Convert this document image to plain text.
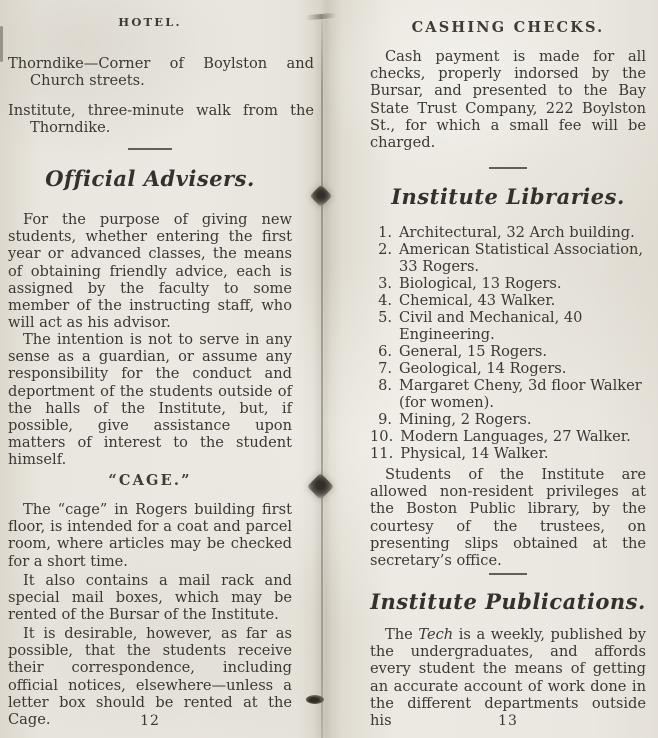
HOTEL.

Thorndike—Corner of Boylston and Church streets.

Institute, three-minute walk from the Thorndike.

Official Advisers.

For the purpose of giving new students, whether entering the first year or advanced classes, the means of obtaining friendly advice, each is assigned by the faculty to some member of the instructing staff, who will act as his advisor.

The intention is not to serve in any sense as a guardian, or assume any responsibility for the conduct and deportment of the students outside of the halls of the Institute, but, if possible, give assistance upon matters of interest to the student himself.

“CAGE.”

The “cage” in Rogers building first floor, is intended for a coat and parcel room, where articles may be checked for a short time.

It also contains a mail rack and special mail boxes, which may be rented of the Bursar of the Institute.

It is desirable, however, as far as possible, that the students receive their correspondence, including official notices, elsewhere—unless a letter box should be rented at the Cage.	12
CASHING CHECKS.

Cash payment is made for all checks, properly indorsed by the Bursar, and presented to the Bay State Trust Company, 222 Boylston St., for which a small fee will be charged.

Institute Libraries.
1. Architectural, 32 Arch building.
2. American Statistical Association, 33 Rogers.
3. Biological, 13 Rogers.
4. Chemical, 43 Walker.
5. Civil and Mechanical, 40 Engineering.
6. General, 15 Rogers.
7. Geological, 14 Rogers.
8. Margaret Cheny, 3d floor Walker (for women).
9. Mining, 2 Rogers.
10. Modern Languages, 27 Walker.
11. Physical, 14 Walker.

Students of the Institute are allowed non-resident privileges at the Boston Public library, by the courtesy of the trustees, on presenting slips obtained at the secretary’s office.

Institute Publications.

The Tech is a weekly, published by the undergraduates, and affords every student the means of getting an accurate account of work done in the different departments outside his	13
